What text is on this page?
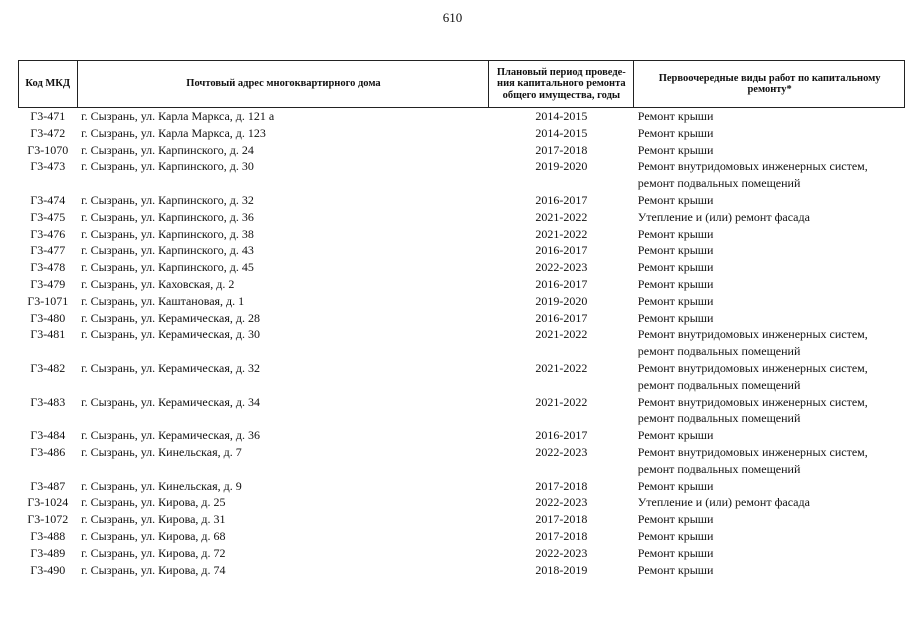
610
Код МКД	Почтовый адрес многоквартирного дома	Плановый период проведе-ния капитального ремонта общего имущества, годы	Первоочередные виды работ по капитальному ремонту*
Г3-471	г. Сызрань, ул. Карла Маркса, д. 121 а	2014-2015	Ремонт крыши
Г3-472	г. Сызрань, ул. Карла Маркса, д. 123	2014-2015	Ремонт крыши
Г3-1070	г. Сызрань, ул. Карпинского, д. 24	2017-2018	Ремонт крыши
Г3-473	г. Сызрань, ул. Карпинского, д. 30	2019-2020	Ремонт внутридомовых инженерных систем,
ремонт подвальных помещений
Г3-474	г. Сызрань, ул. Карпинского, д. 32	2016-2017	Ремонт крыши
Г3-475	г. Сызрань, ул. Карпинского, д. 36	2021-2022	Утепление и (или) ремонт фасада
Г3-476	г. Сызрань, ул. Карпинского, д. 38	2021-2022	Ремонт крыши
Г3-477	г. Сызрань, ул. Карпинского, д. 43	2016-2017	Ремонт крыши
Г3-478	г. Сызрань, ул. Карпинского, д. 45	2022-2023	Ремонт крыши
Г3-479	г. Сызрань, ул. Каховская, д. 2	2016-2017	Ремонт крыши
Г3-1071	г. Сызрань, ул. Каштановая, д. 1	2019-2020	Ремонт крыши
Г3-480	г. Сызрань, ул. Керамическая, д. 28	2016-2017	Ремонт крыши
Г3-481	г. Сызрань, ул. Керамическая, д. 30	2021-2022	Ремонт внутридомовых инженерных систем,
ремонт подвальных помещений
Г3-482	г. Сызрань, ул. Керамическая, д. 32	2021-2022	Ремонт внутридомовых инженерных систем,
ремонт подвальных помещений
Г3-483	г. Сызрань, ул. Керамическая, д. 34	2021-2022	Ремонт внутридомовых инженерных систем,
ремонт подвальных помещений
Г3-484	г. Сызрань, ул. Керамическая, д. 36	2016-2017	Ремонт крыши
Г3-486	г. Сызрань, ул. Кинельская, д. 7	2022-2023	Ремонт внутридомовых инженерных систем,
ремонт подвальных помещений
Г3-487	г. Сызрань, ул. Кинельская, д. 9	2017-2018	Ремонт крыши
Г3-1024	г. Сызрань, ул. Кирова, д. 25	2022-2023	Утепление и (или) ремонт фасада
Г3-1072	г. Сызрань, ул. Кирова, д. 31	2017-2018	Ремонт крыши
Г3-488	г. Сызрань, ул. Кирова, д. 68	2017-2018	Ремонт крыши
Г3-489	г. Сызрань, ул. Кирова, д. 72	2022-2023	Ремонт крыши
Г3-490	г. Сызрань, ул. Кирова, д. 74	2018-2019	Ремонт крыши
